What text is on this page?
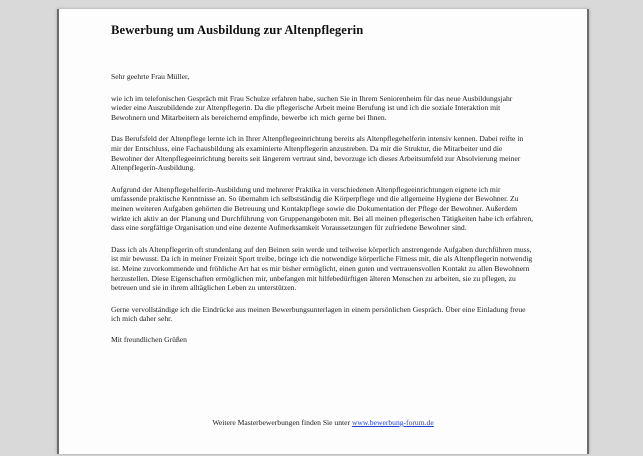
Bewerbung um Ausbildung zur Altenpflegerin
Sehr geehrte Frau Müller,

wie ich im telefonischen Gespräch mit Frau Schulze erfahren habe, suchen Sie in Ihrem Seniorenheim für das neue Ausbildungsjahr wieder eine Auszubildende zur Altenpflegerin. Da die pflegerische Arbeit meine Berufung ist und ich die soziale Interaktion mit Bewohnern und Mitarbeitern als bereichernd empfinde, bewerbe ich mich gerne bei Ihnen.

Das Berufsfeld der Altenpflege lernte ich in Ihrer Altenpflegeeinrichtung bereits als Altenpflegehelferin intensiv kennen. Dabei reifte in mir der Entschluss, eine Fachausbildung als examinierte Altenpflegerin anzustreben. Da mir die Struktur, die Mitarbeiter und die Bewohner der Altenpflegeeinrichtung bereits seit längerem vertraut sind, bevorzuge ich dieses Arbeitsumfeld zur Absolvierung meiner Altenpflegerin-Ausbildung.

Aufgrund der Altenpflegehelferin-Ausbildung und mehrerer Praktika in verschiedenen Altenpflegeeinrichtungen eignete ich mir umfassende praktische Kenntnisse an. So übernahm ich selbstständig die Körperpflege und die allgemeine Hygiene der Bewohner. Zu meinen weiteren Aufgaben gehörten die Betreuung und Kontaktpflege sowie die Dokumentation der Pflege der Bewohner. Außerdem wirkte ich aktiv an der Planung und Durchführung von Gruppenangeboten mit. Bei all meinen pflegerischen Tätigkeiten habe ich erfahren, dass eine sorgfältige Organisation und eine dezente Aufmerksamkeit Voraussetzungen für zufriedene Bewohner sind.

Dass ich als Altenpflegerin oft stundenlang auf den Beinen sein werde und teilweise körperlich anstrengende Aufgaben durchführen muss, ist mir bewusst. Da ich in meiner Freizeit Sport treibe, bringe ich die notwendige körperliche Fitness mit, die als Altenpflegerin notwendig ist. Meine zuvorkommende und fröhliche Art hat es mir bisher ermöglicht, einen guten und vertrauensvollen Kontakt zu allen Bewohnern herzustellen. Diese Eigenschaften ermöglichen mir, unbefangen mit hilfebedürftigen älteren Menschen zu arbeiten, sie zu pflegen, zu betreuen und sie in ihrem alltäglichen Leben zu unterstützen.

Gerne vervollständige ich die Eindrücke aus meinen Bewerbungsunterlagen in einem persönlichen Gespräch. Über eine Einladung freue ich mich daher sehr.

Mit freundlichen Grüßen
Weitere Masterbewerbungen finden Sie unter www.bewerbung-forum.de
